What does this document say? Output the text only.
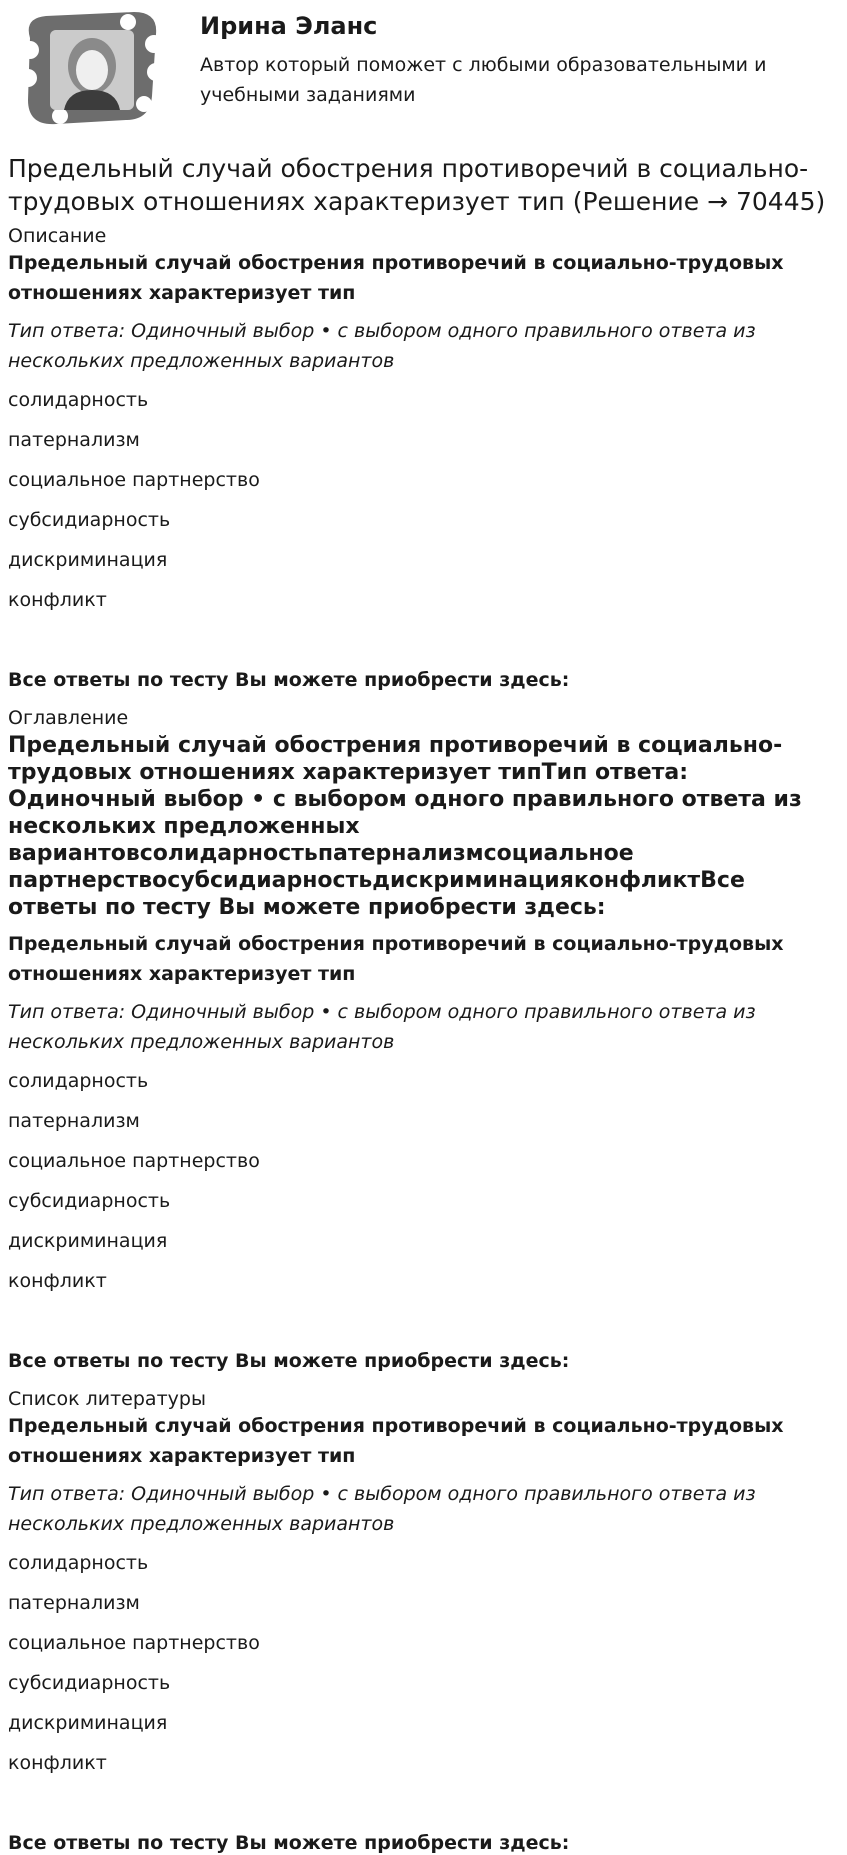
Ирина Эланс

Автор который поможет с любыми образовательными и учебными заданиями

Предельный случай обострения противоречий в социально-трудовых отношениях характеризует тип (Решение → 70445)

Описание

Предельный случай обострения противоречий в социально-трудовых отношениях характеризует тип

Тип ответа: Одиночный выбор • с выбором одного правильного ответа из нескольких предложенных вариантов

солидарность

патернализм

социальное партнерство

субсидиарность

дискриминация

конфликт

Все ответы по тесту Вы можете приобрести здесь:

Оглавление

Предельный случай обострения противоречий в социально-трудовых отношениях характеризует типТип ответа: Одиночный выбор • с выбором одного правильного ответа из нескольких предложенных вариантовсолидарностьпатернализмсоциальное партнерствосубсидиарностьдискриминацияконфликтВсе ответы по тесту Вы можете приобрести здесь:

Предельный случай обострения противоречий в социально-трудовых отношениях характеризует тип

Тип ответа: Одиночный выбор • с выбором одного правильного ответа из нескольких предложенных вариантов

солидарность

патернализм

социальное партнерство

субсидиарность

дискриминация

конфликт

Все ответы по тесту Вы можете приобрести здесь:

Список литературы

Предельный случай обострения противоречий в социально-трудовых отношениях характеризует тип

Тип ответа: Одиночный выбор • с выбором одного правильного ответа из нескольких предложенных вариантов

солидарность

патернализм

социальное партнерство

субсидиарность

дискриминация

конфликт

Все ответы по тесту Вы можете приобрести здесь:
